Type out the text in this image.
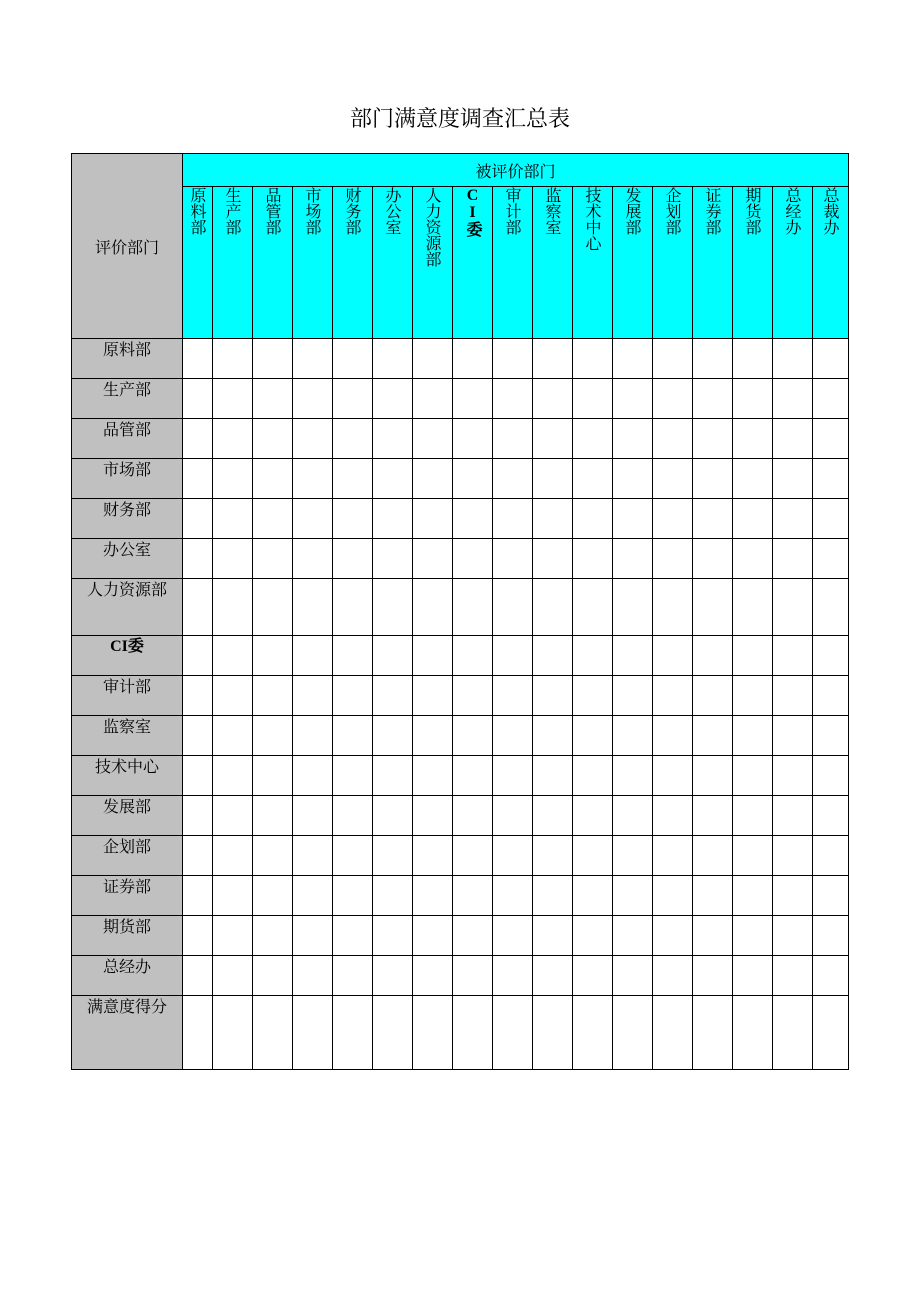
部门满意度调查汇总表
评价部门	被评价部门																
	原料部	生产部	品管部	市场部	财务部	办公室	人力资源部	CI委	审计部	监察室	技术中心	发展部	企划部	证券部	期货部	总经办	总裁办
原料部																	
生产部																	
品管部																	
市场部																	
财务部																	
办公室																	
人力资源部																	
CI委																	
审计部																	
监察室																	
技术中心																	
发展部																	
企划部																	
证券部																	
期货部																	
总经办																	
满意度得分																	
